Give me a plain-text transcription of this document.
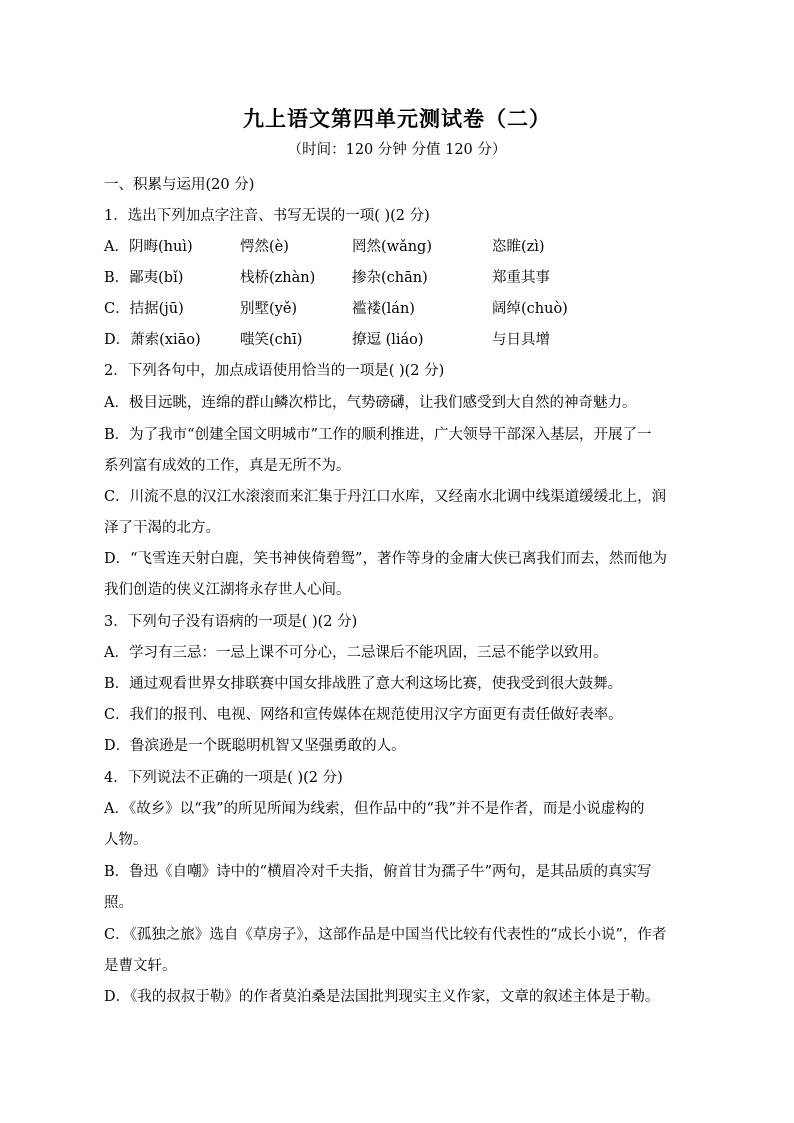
九上语文第四单元测试卷（二）
（时间：120 分钟 分值 120 分）
一、积累与运用(20 分)
1．选出下列加点字注音、书写无误的一项( )(2 分)
A．阴晦(huì)	愕然(è)	罔然(wǎng)	恣睢(zì)
B．鄙夷(bǐ)	栈桥(zhàn)	掺杂(chān)	郑重其事
C．拮据(jū)	别墅(yě)	褴褛(lán)	阔绰(chuò)
D．萧索(xiāo)	嗤笑(chī)	撩逗 (liáo)	与日具增
2．下列各句中，加点成语使用恰当的一项是( )(2 分)
A．极目远眺，连绵的群山鳞次栉比，气势磅礴，让我们感受到大自然的神奇魅力。
B．为了我市“创建全国文明城市”工作的顺利推进，广大领导干部深入基层，开展了一
系列富有成效的工作，真是无所不为。
C．川流不息的汉江水滚滚而来汇集于丹江口水库，又经南水北调中线渠道缓缓北上，润
泽了干渴的北方。
D．“飞雪连天射白鹿，笑书神侠倚碧鸳”，著作等身的金庸大侠已离我们而去，然而他为
我们创造的侠义江湖将永存世人心间。
3．下列句子没有语病的一项是( )(2 分)
A．学习有三忌：一忌上课不可分心，二忌课后不能巩固，三忌不能学以致用。
B．通过观看世界女排联赛中国女排战胜了意大利这场比赛，使我受到很大鼓舞。
C．我们的报刊、电视、网络和宣传媒体在规范使用汉字方面更有责任做好表率。
D．鲁滨逊是一个既聪明机智又坚强勇敢的人。
4．下列说法不正确的一项是( )(2 分)
A．《故乡》以“我”的所见所闻为线索，但作品中的“我”并不是作者，而是小说虚构的
人物。
B．鲁迅《自嘲》诗中的“横眉冷对千夫指，俯首甘为孺子牛”两句，是其品质的真实写
照。
C．《孤独之旅》选自《草房子》，这部作品是中国当代比较有代表性的“成长小说”，作者
是曹文轩。
D．《我的叔叔于勒》的作者莫泊桑是法国批判现实主义作家，文章的叙述主体是于勒。
